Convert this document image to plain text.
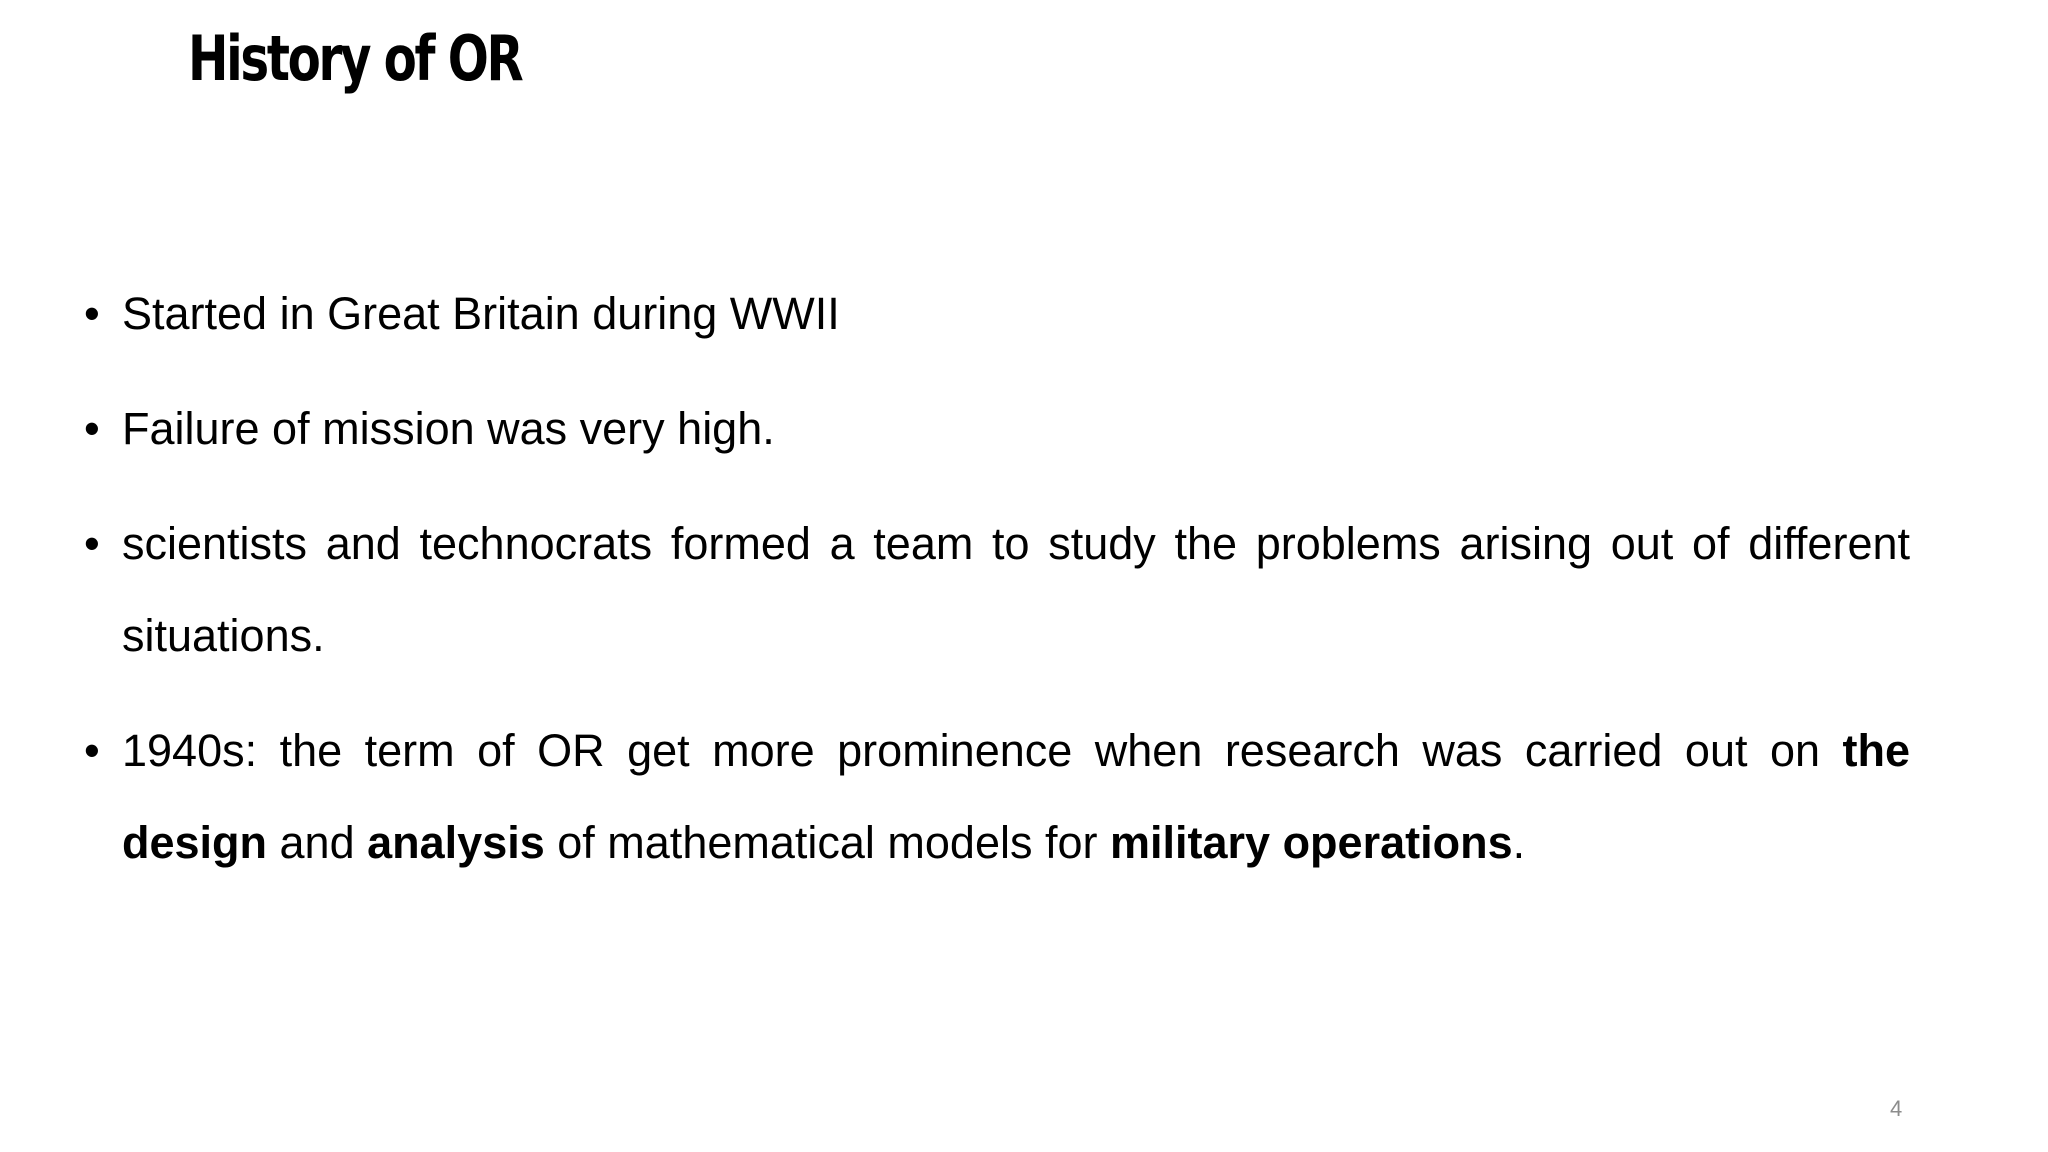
History of OR
• Started in Great Britain during WWII
• Failure of mission was very high.
• scientists and technocrats formed a team to study the problems arising out of different situations.
• 1940s: the term of OR get more prominence when research was carried out on the design and analysis of mathematical models for military operations.
4
